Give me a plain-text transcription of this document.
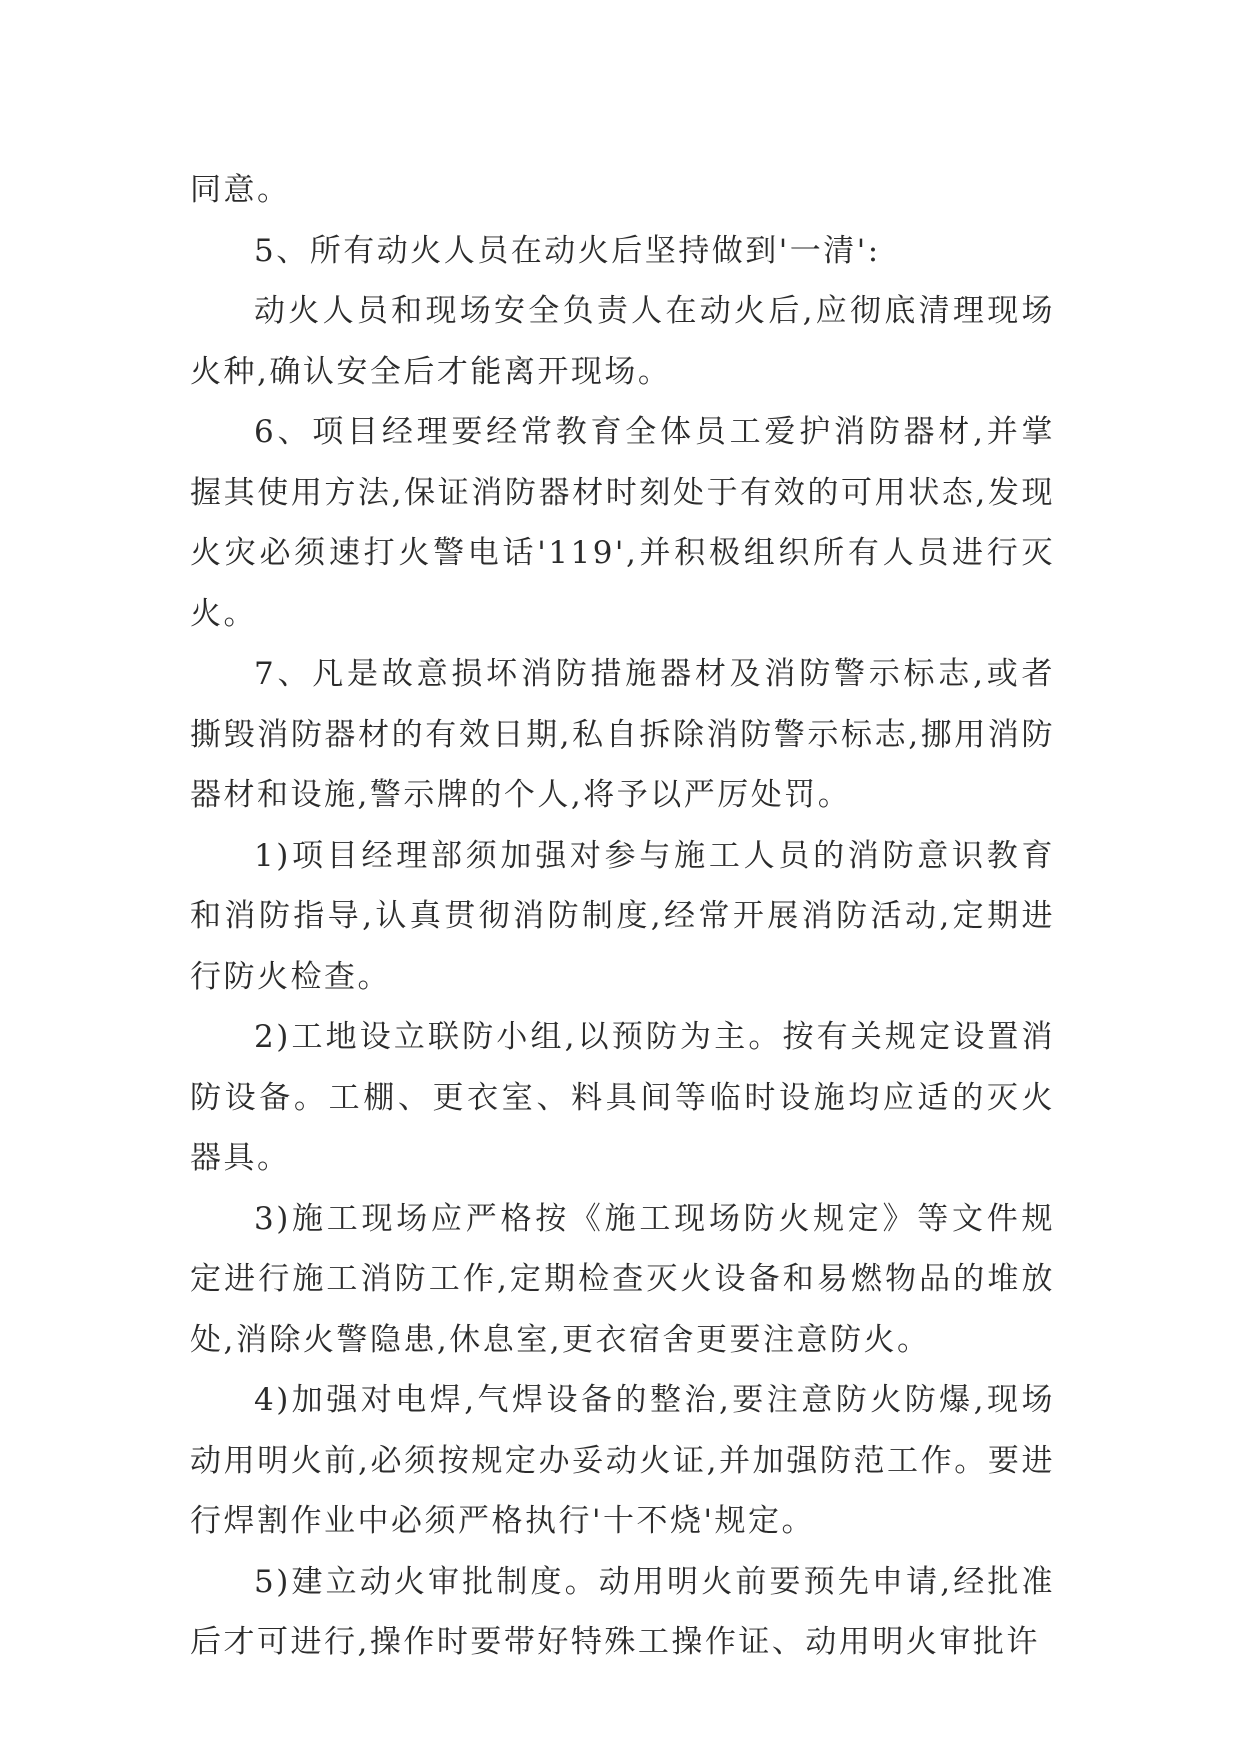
同意。

5、所有动火人员在动火后坚持做到'一清':

动火人员和现场安全负责人在动火后,应彻底清理现场火种,确认安全后才能离开现场。

6、项目经理要经常教育全体员工爱护消防器材,并掌握其使用方法,保证消防器材时刻处于有效的可用状态,发现火灾必须速打火警电话'119',并积极组织所有人员进行灭火。

7、凡是故意损坏消防措施器材及消防警示标志,或者撕毁消防器材的有效日期,私自拆除消防警示标志,挪用消防器材和设施,警示牌的个人,将予以严厉处罚。

1)项目经理部须加强对参与施工人员的消防意识教育和消防指导,认真贯彻消防制度,经常开展消防活动,定期进行防火检查。

2)工地设立联防小组,以预防为主。按有关规定设置消防设备。工棚、更衣室、料具间等临时设施均应适的灭火器具。

3)施工现场应严格按《施工现场防火规定》等文件规定进行施工消防工作,定期检查灭火设备和易燃物品的堆放处,消除火警隐患,休息室,更衣宿舍更要注意防火。

4)加强对电焊,气焊设备的整治,要注意防火防爆,现场动用明火前,必须按规定办妥动火证,并加强防范工作。要进行焊割作业中必须严格执行'十不烧'规定。

5)建立动火审批制度。动用明火前要预先申请,经批准后才可进行,操作时要带好特殊工操作证、动用明火审批许
